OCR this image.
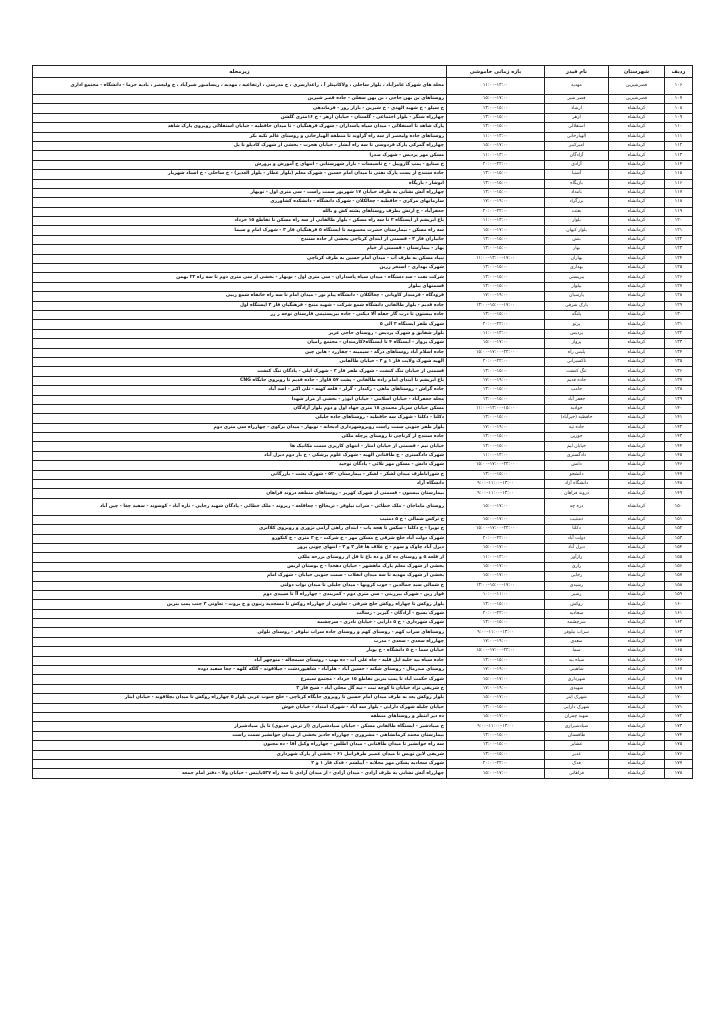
ردیف	شهرستان	نام فیدر	بازه زمانی خاموشی	زیرمحله
۱۰۶	قصرشیرین	مهدیه	۱۱:۰۰–۱۳:۰۰	محله های شهرک عامرآباد ، بلوار ساحلی ، ولاکانیتلر آ ، زاغدارسری ، خ مدرسی ، ارتفاعیه ، مهدیه ، زیسامبور شیرآباد ، خ ولیعصر ، بادیه خرما - دانشگاه - مجتمع اداری
۱۰۷	قصرشیرین	قصر شیر	۱۵:۰۰–۱۷:۰۰	روستاهای بن بهن حاجی ، بن بهن سفلی - جاده قصر شیرین
۱۰۸	کرمانشاه	ارشاد	۱۳:۰۰–۱۵:۰۰	خ سیلو - خ شهید الهدی - خ شیرین - بازار روز - فرماندهی
۱۰۹	کرمانشاه	ازهر	۱۳:۰۰–۱۵:۰۰	چهارراه سنگر - بلوار اجتماعی - گلستان - خیابان ازهر - خ ۱۶متری گلشن
۱۱۰	کرمانشاه	استقلالی	۱۳:۰۰–۱۵:۰۰	پارک شاهد تا استقلالی - میدان سپاه پاسداران - شهرک فرهنگیان - تا میدان حافظیه - خیابان استقلالی روبروی پارک شاهد
۱۱۱	کرمانشاه	الهیارخانی	۱۱:۰۰–۱۳:۰۰	روستاهای جاده ولیعصر از سه راه گراوند تا منطقه الهیارخانی و روستای عالم تکیه بکر
۱۱۲	کرمانشاه	امیرکبیر	۱۵:۰۰–۱۷:۰۰	چهارراه گمرکی پارک فردوسی تا سه راه آبشار - خیابان هجرت - بخشی از شهرک کادیلو تا پل
۱۱۳	کرمانشاه	آزادگان	۱۱:۰۰–۱۳:۰۰	مسکن مهر پردیس - شهرک صدرا
۱۱۴	کرمانشاه	آزادی	۲۰:۰۰–۲۲:۰۰	خ صنایع - پمپ گازوییل - خ تاسیسات - بازار شهرستانی - انتهای خ آموزش و پرورش
۱۱۵	کرمانشاه	آشتیا	۱۳:۰۰–۱۵:۰۰	جاده سنندج از پست پارک نفتی تا میدان امام حسین - شهرک معلم (بلوار عطار - بلوار الغدیر) - خ ساحلی - خ استاد شهریار
۱۱۶	کرمانشاه	بازیگاه	۱۳:۰۰–۱۵:۰۰	انوشار - بازیگاه
۱۱۷	کرمانشاه	بامداد	۱۳:۰۰–۱۵:۰۰	چهارراه آتش نشانی به طرف خیابان ۱۷ شهریور سمت راست - سی متری اول - نوبهار
۱۱۸	کرمانشاه	برزگراد	۱۷:۰۰–۱۹:۰۰	سازمانهای مرکزی - حافظیه - چغالکلان - شهرک دانشگاه - دانشکده کشاورزی
۱۱۹	کرمانشاه	بعثت	۲۰:۰۰–۲۲:۰۰	جعفرآباد - خ ارتش بطرف روستاهای پشته کش و بالله
۱۲۰	کرمانشاه	بلوار	۱۱:۰۰–۱۳:۰۰	باغ ابریشم از ایستگاه ۲ تا سه راه مسکن - بلوار طالقانی از سه راه مسکن تا تقاطع ۱۵ خرداد
۱۲۱	کرمانشاه	بلوار کیهان	۱۵:۰۰–۱۷:۰۰	سه راه مسکن - بیمارستان حضرت معصومه تا ایستگاه ۵ فرهنگیان فاز ۳ - شهرک امام و سیما
۱۲۲	کرمانشاه	بنش	۱۳:۰۰–۱۵:۰۰	جانبازان فاز ۳ - قسمتی از ابتدای کرناچی بخشی از جاده سنندج
۱۲۳	کرمانشاه	بهار	۱۳:۰۰–۱۵:۰۰	بهار - بیمارستان - قسمتی از خیام
۱۲۴	کرمانشاه	بهاران	۱۱:۰۰–۱۳:۰۰–۱۷:۰۰	نبیاد مسکن به طرف آب - میدان امام حسین به طرف کرناچی
۱۲۵	کرمانشاه	بهداری	۱۳:۰۰–۱۵:۰۰	شهرک بهداری - استخر زرین
۱۲۶	کرمانشاه	بیزیستی	۱۳:۰۰–۱۵:۰۰	شرکت نفت - سد دستگاه - میدان سپاه پاسداران - سی متری اول - نوبهار - بخشی از سی متری دوم تا سه راه ۲۲ بهمن
۱۲۷	کرمانشاه	بیلوار	۱۳:۰۰–۱۵:۰۰	قسمتهای بیلوار
۱۲۸	کرمانشاه	پارسیان	۱۷:۰۰–۱۹:۰۰	فرودگاه - فرمندار کاویانی - چغالکلان - دانشگاه پیام نور - میدان امام تا سه راه خانقاه شمع زبیی
۱۲۹	کرمانشاه	پارک شرقی	۱۳:۰۰–۱۵:۰۰–۱۷:۰۰	جاده قدیم - بلوار طالقانی دانشگاه شمع شرکت - شهید متنخ - فرهنگیان فاز ۳ ایستگاه اول
۱۳۰	کرمانشاه	پلنگه	۱۳:۰۰–۱۵:۰۰	جاده بیستون تا درب گار حفله آلا دیکنی - جاده بیزیستیمی فارستای نوجه ر رز
۱۳۱	کرمانشاه	پرتو	۲۰:۰۰–۲۲:۰۰	شهرک ظفر ایستگاه ۳ الی ۵
۱۳۲	کرمانشاه	پردیس	۱۱:۰۰–۱۳:۰۰	بلوار شقایق و شهرک پردیس - روستای حاجی عزیز
۱۳۳	کرمانشاه	پرواز	۱۵:۰۰–۱۷:۰۰	شهرک پرواز - ایستگاه ۴ تا ایستگاه۶کارمندان - مجتمع رامیان
۱۳۴	کرمانشاه	پلیس راه	۱۵:۰۰–۱۷:۰۰–۲۲:۰۰	جاده اسلام آباد روستاهای درگه - سیمینه - چقازرد - هاین چین
۱۳۵	کرمانشاه	تاکسیرانی	۲۰:۰۰–۲۲:۰۰	الهیه شهرک ولایت فاز ۱ و ۲ - خیابان طالقانی
۱۳۶	کرمانشاه	تنگ کنشت	۱۳:۰۰–۱۵:۰۰	قسمتی از خیابان تنگ کنشت - شهرک ظفر فاز ۳ - شهرک ایلی - پادگان تنگ کنشت
۱۳۷	کرمانشاه	جاده قدیم	۱۷:۰۰–۱۹:۰۰	باغ ابریشم تا ابتدای امام زاده طالقانی - پشت ۵۷ قاوار - جاده قدیم تا روبروی جایگاه CNG
۱۳۸	کرمانشاه	جامپ	۱۳:۰۰–۱۵:۰۰	جاده گراش - روستاهای ماهی - زکنداز - گرلر - قلعه کهنه - تلی اکبر - اسد آباد
۱۳۹	کرمانشاه	جعفر آباد	۱۳:۰۰–۱۵:۰۰	محله جعفرآباد - خیابان اسلامی - خیابان ابوذر - بخشی از مزار شهدا
۱۴۰	کرمانشاه	جوادیه	۱۱:۰۰–۱۳:۰۰–۱۵:۰۰	مسکن خیابان سرباز محمدی ۱۸ متری جهاد اول و دوم بلوار آزادگان
۱۴۱	کرمانشاه	حافظیه (خیرآباد)	۱۳:۰۰–۱۵:۰۰	دکلتا - دکلتا - شهرک سه حافظیه - روستاهای جاده خلیلی
۱۴۲	کرمانشاه	جاده تپه	۱۷:۰۰–۱۹:۰۰	بلوار ظفر جنوبی سمت راست روبروشهرداری ادبخانه - نوبهار - میدان برکوی - چهارراه سی متری دوم
۱۴۳	کرمانشاه	خورین	۱۳:۰۰–۱۵:۰۰	جاده سنندج از کرناچی تا روستای پرچله ملکی
۱۴۴	کرمانشاه	خیابان لیم	۱۳:۰۰–۱۵:۰۰	خیابان نیم - قسمتی از خیابان امثار - انتهای کاربری سمت مکانیک ها
۱۴۵	کرمانشاه	دادگستری	۱۱:۰۰–۱۳:۰۰	شهرک دادگستری - خ طاقتانی الهیه - شهرک علوم پزشکی - خ یار دوم دیزل آباد
۱۴۶	کرمانشاه	دانش	۱۵:۰۰–۱۷:۰۰–۲۲:۰۰	شهرک دانش - مسکن مهر تلائی - پادگان توحید
۱۴۷	کرمانشاه	دانشجو	۱۳:۰۰–۱۵:۰۰	خ شوراباطرف میدان لشکر - لشکر - بیمارستان ۵۲۰ - شهرک بعثت - بازرگانی
۱۴۸	کرمانشاه	دانشگاه آزاد	۹:۰۰–۱۱:۰۰–۱۳:۰۰	دانشگاه آزاد
۱۴۹	کرمانشاه	دروند فراهان	۹:۰۰–۱۱:۰۰–۱۳:۰۰	بیمارستان بیستون - قسمتی از شهرک کهریز - روستاهای منطقه دروند فراهان
۱۵۰	کرمانشاه	دره چه	۱۵:۰۰–۱۷:۰۰	روستای ماماجان - ملک خطائی - سراب نیلوفر - تریحالج - چغاقلعه - ریزوند - ملک خطائی - پادگان شهید رجایی - نازه آباد - کوسوند - سفید چغا - چین آباد
۱۵۱	کرمانشاه	دمنتیب	۱۵:۰۰–۱۷:۰۰	خ ترکس شمالی - خ ۵ دمتیب
۱۵۲	کرمانشاه	دکلتا	۱۵:۰۰–۱۷:۰۰–۲۲:۰۰	خ نوبرا - خ دکلتا - سکس تا هجه باب - ابتدای راهی آرامی نژوری و روبروی کلاانری
۱۵۳	کرمانشاه	دولت آباد	۲۰:۰۰–۲۲:۰۰	شهرک دولت آباد خلج شرقی خ مسکن مهر - خ شرکت - خ ۳ متری - خ کتکوزو
۱۵۴	کرمانشاه	دیزل آباد	۱۵:۰۰–۱۷:۰۰	دیزل آباد چاوک و سوم - خ علاف ها فاز ۲ و ۳ - انتهای چوبی پرور
۱۵۵	کرمانشاه	رازآور	۱۱:۰۰–۱۳:۰۰	از قلعه ۵ و روستای ده کل و ده باغ تا قل از روستای بزرحه ملکی
۱۵۶	کرمانشاه	رازی	۱۵:۰۰–۱۷:۰۰	بخشی از شهرک معلم پارک ماهشهر - خیابان دهخدا - خ بوستان لربس
۱۵۷	کرمانشاه	رجایی	۱۵:۰۰–۱۷:۰۰	بخشی از شهرک مهدیه تا سه میدان انقلاب - سمت جنوبی خیابان - شهرک امام
۱۵۸	کرمانشاه	رشیدی	۱۳:۰۰–۱۵:۰۰–۱۷:۰۰	خ شمالی سید جمالدین - جوب کرونها - میدان جلیلی تا میدان نواب دولتی
۱۵۹	کرمانشاه	رشیر	۱۰:۰۰–۱۱:۰۰	فواز زین - شهرک پیرزیتی - سی متری دوم - کمربندی - چهارراه آآ تا سپیدی دوم
۱۶۰	کرمانشاه	روکش	۱۳:۰۰–۱۵:۰۰	بلوار روکش تا چهاراه روکش خلج شرقی - تعاونی از چهارراه روکش تا مسجدیه زنبون و خ بروت - تعاونی ۳ جنب پمپ بنزین
۱۶۱	کرمانشاه	سجادیه	۲۰:۰۰–۲۲:۰۰	شهرک بسیج - آزادگان - گیریز - رسالت
۱۶۲	کرمانشاه	سرچشمه	۱۳:۰۰–۱۵:۰۰	شهرک شهرداری - خ ۵ دارایی - خیابان نادری - سرچشمه
۱۶۳	کرمانشاه	سراب نیلوفر	۹:۰۰–۱۱:۰۰–۱۳:۰۰	روستاهای سراب کهم - روستای کهم و روستای جاده سراب نیلوفر - روستای تلولی
۱۶۴	کرمانشاه	سعدی	۱۷:۰۰–۱۹:۰۰	چهارراه سعدی - سعدی - مدرب
۱۶۵	کرمانشاه	سما	۱۵:۰۰–۱۷:۰۰–۲۲:۰۰	خیابان سما - خ ۵ دانشگاه - خ یوبار
۱۶۶	کرمانشاه	سیاه بید	۱۳:۰۰–۱۵:۰۰	جاده سیاه بید خلیه ایل قلیه - چاه علی آب - ده بهپ - روستای سیمجاله - منوچهر آباد
۱۶۷	کرمانشاه	شاهینی	۱۷:۰۰–۱۹:۰۰	روستای صدرمال - روستای شکنه - حسین آباد - هلرآباد - شاهپوردشت - چپلاقوند - گلکه کلهه - چغا سفید دوده
۱۶۸	کرمانشاه	شهرداری	۱۵:۰۰–۱۷:۰۰	شهرک حکمت آباد تا پمپ بنزین تقاطع ۱۵ خرداد - مجتمع سیمرغ
۱۶۹	کرمانشاه	شهیدی	۱۷:۰۰–۱۹:۰۰	خ شریفی نژاد خیابان تا کوچه ثبت - تپه گل محلی آباد - شیخ فاز ۲
۱۷۰	کرمانشاه	شهرک ایتر	۱۵:۰۰–۱۷:۰۰	بلوار روکش بعد به طرف میدان امام حسین تا روبروی جایگاه کرناچی - خلج جنوب غربی بلوار ۵ چهارراه روکش تا میدان بچلاقوند - خیابان ایتار
۱۷۱	کرمانشاه	شهرک دارایی	۱۳:۰۰–۱۵:۰۰	خیابان جلیله شهرک دارایی - بلوار سه آباد - شهرک امتداد - خیابان خوش
۱۷۲	کرمانشاه	شهید چمران	۱۵:۰۰–۱۷:۰۰	ده دیر انتظر و روستاهای منطقه
۱۷۳	کرمانشاه	صیادشیرازی	۹:۰۰–۱۱:۰۰–۱۳:۰۰	خ صیادشیر - ایستگاه طالقانی مسکن - خیابان صیادشیرازی (از ترمن حدیوی) تا پل صیادشیراز
۱۷۴	کرمانشاه	طاقستان	۱۳:۰۰–۱۵:۰۰	بیمارستان محمد کرمانشاهی - مشروری - چهارراه جادیر بخشی از میدان جوانشیر سمت راست
۱۷۵	کرمانشاه	عشایر	۱۳:۰۰–۱۵:۰۰	سه راه جوانشیر تا میدان طاقتانی - میدان اطلس - چهارراه وکیل آقا - ده مجنون
۱۷۶	کرمانشاه	غدیر	۱۳:۰۰–۱۵:۰۰	شریفی لاین توبس تا میدان عصیر طرفرانبل ۶۱ - بخشی از پارک شهرداری
۱۷۷	کرمانشاه	فدک	۲۰:۰۰–۲۲:۰۰	شهرک سجادیه پسکی مهر محلایه - آپیلشم - فدک فاز ۱ و ۲
۱۷۸	کرمانشاه	فراهانی	۱۵:۰۰–۱۷:۰۰	چهارراه آتش نشانی به طرف آزادی - میدان آزادی - از میدان آزادی تا سه راه ۵۳۷باپیس - خیابان ولا - دفتر امام جمعه
